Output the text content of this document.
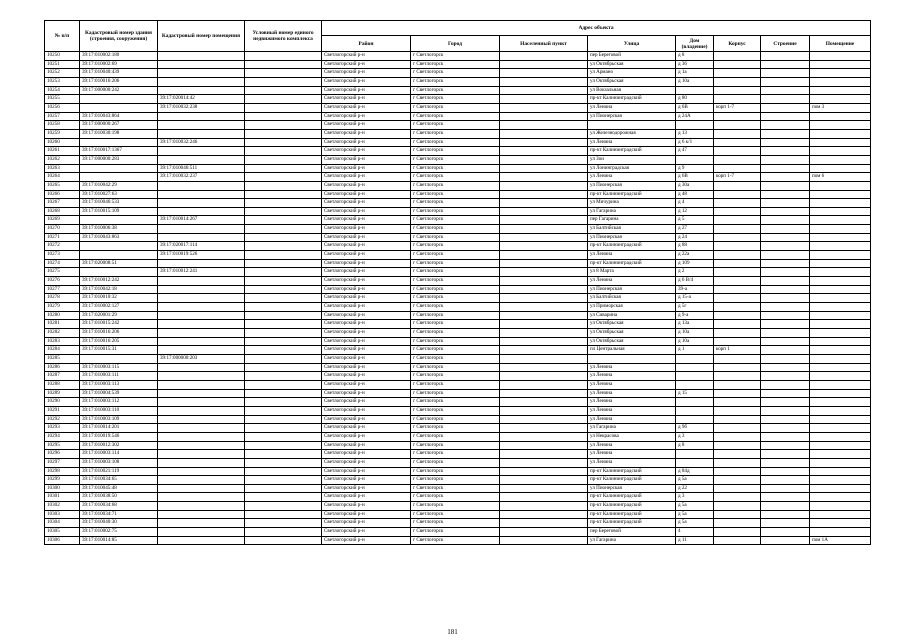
№ п/п	Кадастровый номер здания (строения, сооружения)	Кадастровый номер помещения	Условный номер единого недвижимого комплекса	Адрес объекта							
				Район	Город	Населенный пункт	Улица	Дом (владение)	Корпус	Строение	Помещение
10250	39:17:010002:180			Светлогорский р-н	г Светлогорск		пер Береговой	д 8			
10251	39:17:010002:69			Светлогорский р-н	г Светлогорск		ул Октябрьская	д 36			
10252	39:17:010040:439			Светлогорский р-н	г Светлогорск		ул Армано	д 1а			
10253	39:17:010016:206			Светлогорский р-н	г Светлогорск		ул Октябрьская	д 10а			
10254	39:17:000000:242			Светлогорский р-н	г Светлогорск		ул Вокзальная				
10255		39:17:020014:42		Светлогорский р-н	г Светлогорск		пр-кт Калининградский	д 80			
10256		39:17:010032:238		Светлогорский р-н	г Светлогорск		ул Ленина	д 6В	корп 1-7		пом 3
10257	39:17:010043:864			Светлогорский р-н	г Светлогорск		ул Пионерская	д 24А			
10258	39:17:000000:267			Светлогорский р-н	г Светлогорск						
10259	39:17:010030:198			Светлогорский р-н	г Светлогорск		ул Железнодорожная	д 13			
10260		39:17:010032:246		Светлогорский р-н	г Светлогорск		ул Ленина	д 6 к/1			
10261	39:17:010017:1367			Светлогорский р-н	г Светлогорск		пр-кт Калининградский	д 47			
10262	39:17:000000:283			Светлогорский р-н	г Светлогорск		ул Зои				
10263		39:17:010046:511		Светлогорский р-н	г Светлогорск		ул Лонинградская	д 9			
10264		39:17:010032:237		Светлогорский р-н	г Светлогорск		ул Ленина	д 6В	корп 1-7		пом 6
10265	39:17:010042:29			Светлогорский р-н	г Светлогорск		ул Пионерская	д 30а			
10266	39:17:010027:63			Светлогорский р-н	г Светлогорск		пр-кт Калининградский	д 48			
10267	39:17:010046:533			Светлогорский р-н	г Светлогорск		ул Мичурина	д 4			
10268	39:17:010015:109			Светлогорский р-н	г Светлогорск		ул Гагарина	д 12			
10269		39:17:010014:267		Светлогорский р-н	г Светлогорск		пер Гагарина	д 5			
10270	39:17:010006:38			Светлогорский р-н	г Светлогорск		ул Балтийская	д 27			
10271	39:17:010043:863			Светлогорский р-н	г Светлогорск		ул Пионерская	д 24			
10272		39:17:020017:114		Светлогорский р-н	г Светлогорск		пр-кт Калининградский	д 88			
10273		39:17:010019:526		Светлогорский р-н	г Светлогорск		ул Ленина	д 22а			
10274	39:17:020008:51			Светлогорский р-н	г Светлогорск		пр-кт Калининградский	д 109			
10275		39:17:010012:241		Светлогорский р-н	г Светлогорск		ул 8 Марта	д 2			
10276	39:17:010012:242			Светлогорский р-н	г Светлогорск		ул Ленина	д 6 В/4			
10277	39:17:010042:18			Светлогорский р-н	г Светлогорск		ул Пионерская	39-а			
10278	39:17:010010:32			Светлогорский р-н	г Светлогорск		ул Балтийская	д 15-а			
10279	39:17:010002:127			Светлогорский р-н	г Светлогорск		ул Приморская	д 5г			
10280	39:17:020001:29			Светлогорский р-н	г Светлогорск		ул Сиварина	д 9-а			
10281	39:17:010015:242			Светлогорский р-н	г Светлогорск		ул Октябрьская	д 13а			
10282	39:17:010016:206			Светлогорский р-н	г Светлогорск		ул Октябрьская	д 10а			
10283	39:17:010016:205			Светлогорский р-н	г Светлогорск		ул Октябрьская	д 10а			
10284	39:17:010015:31			Светлогорский р-н	г Светлогорск		пл Центральная	д 1	корп 1		
10285		39:17:000000:203		Светлогорский р-н	г Светлогорск						
10286	39:17:010003:115			Светлогорский р-н	г Светлогорск		ул Ленина				
10287	39:17:010003:111			Светлогорский р-н	г Светлогорск		ул Ленина				
10288	39:17:010003:113			Светлогорский р-н	г Светлогорск		ул Ленина				
10289	39:17:010004:539			Светлогорский р-н	г Светлогорск		ул Ленина	д 15			
10290	39:17:010003:112			Светлогорский р-н	г Светлогорск		ул Ленина				
10291	39:17:010003:110			Светлогорский р-н	г Светлогорск		ул Ленина				
10292	39:17:010003:109			Светлогорский р-н	г Светлогорск		ул Ленина				
10293	39:17:010014:201			Светлогорский р-н	г Светлогорск		ул Гагарина	д 9б			
10294	39:17:010019:546			Светлогорский р-н	г Светлогорск		ул Некрасова	д 3			
10295	39:17:010012:302			Светлогорский р-н	г Светлогорск		ул Ленина	д 8			
10296	39:17:010003:114			Светлогорский р-н	г Светлогорск		ул Ленина				
10297	39:17:010003:108			Светлогорский р-н	г Светлогорск		ул Ленина				
10298	39:17:010021:119			Светлогорский р-н	г Светлогорск		пр-кт Калининградский	д 84д			
10299	39:17:010034:65			Светлогорский р-н	г Светлогорск		пр-кт Калининградский	д 5а			
10300	39:17:010045:48			Светлогорский р-н	г Светлогорск		ул Пионерская	д 22			
10301	39:17:010038:50			Светлогорский р-н	г Светлогорск		пр-кт Калининградский	д 3			
10302	39:17:010034:68			Светлогорский р-н	г Светлогорск		пр-кт Калининградский	д 5а			
10303	39:17:010034:71			Светлогорский р-н	г Светлогорск		пр-кт Калининградский	д 5а			
10304	39:17:010040:30			Светлогорский р-н	г Светлогорск		пр-кт Калининградский	д 5а			
10305	39:17:010002:75			Светлогорский р-н	г Светлогорск		пер Береговой	4			
10306	39:17:010014:85			Светлогорский р-н	г Светлогорск		ул Гагарина	д 11			пом 1А
181
